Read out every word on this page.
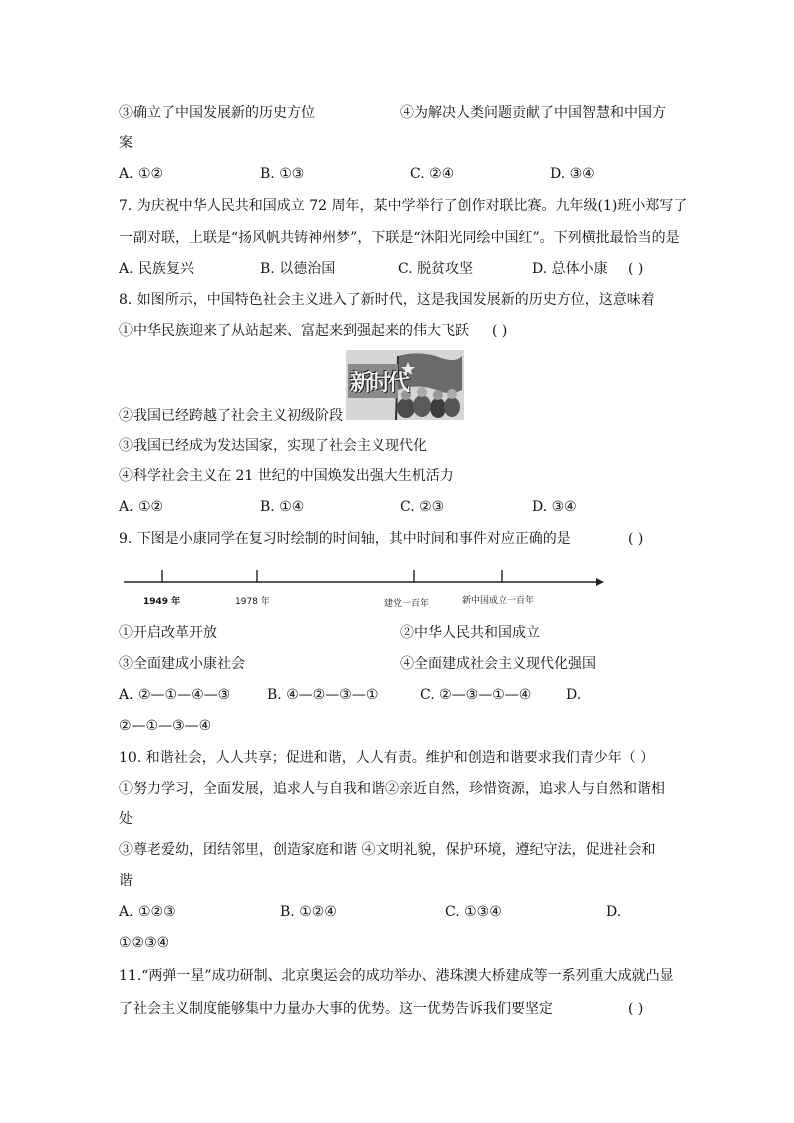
③确立了中国发展新的历史方位	④为解决人类问题贡献了中国智慧和中国方
案
A. ①②	B. ①③	C. ②④	D. ③④
7. 为庆祝中华人民共和国成立 72 周年，某中学举行了创作对联比赛。九年级(1)班小郑写了
一副对联，上联是“扬风帆共铸神州梦”，下联是“沐阳光同绘中国红”。下列横批最恰当的是
A. 民族复兴	B. 以德治国	C. 脱贫攻坚	D. 总体小康 ( )
8. 如图所示，中国特色社会主义进入了新时代，这是我国发展新的历史方位，这意味着
①中华民族迎来了从站起来、富起来到强起来的伟大飞跃 ( )
新时代
②我国已经跨越了社会主义初级阶段
③我国已经成为发达国家，实现了社会主义现代化
④科学社会主义在 21 世纪的中国焕发出强大生机活力
A. ①②	B. ①④	C. ②③	D. ③④
9. 下图是小康同学在复习时绘制的时间轴，其中时间和事件对应正确的是	( )
1949 年	1978 年	建党一百年	新中国成立一百年
①开启改革开放	②中华人民共和国成立
③全面建成小康社会	④全面建成社会主义现代化强国
A. ②—①—④—③	B. ④—②—③—①	C. ②—③—①—④ D.
②—①—③—④
10. 和谐社会，人人共享；促进和谐，人人有责。维护和创造和谐要求我们青少年（ ）
①努力学习，全面发展，追求人与自我和谐②亲近自然，珍惜资源，追求人与自然和谐相
处
③尊老爱幼，团结邻里，创造家庭和谐 ④文明礼貌，保护环境，遵纪守法，促进社会和
谐
A. ①②③	B. ①②④	C. ①③④	D.
①②③④
11.“两弹一星”成功研制、北京奥运会的成功举办、港珠澳大桥建成等一系列重大成就凸显
了社会主义制度能够集中力量办大事的优势。这一优势告诉我们要坚定	( )
